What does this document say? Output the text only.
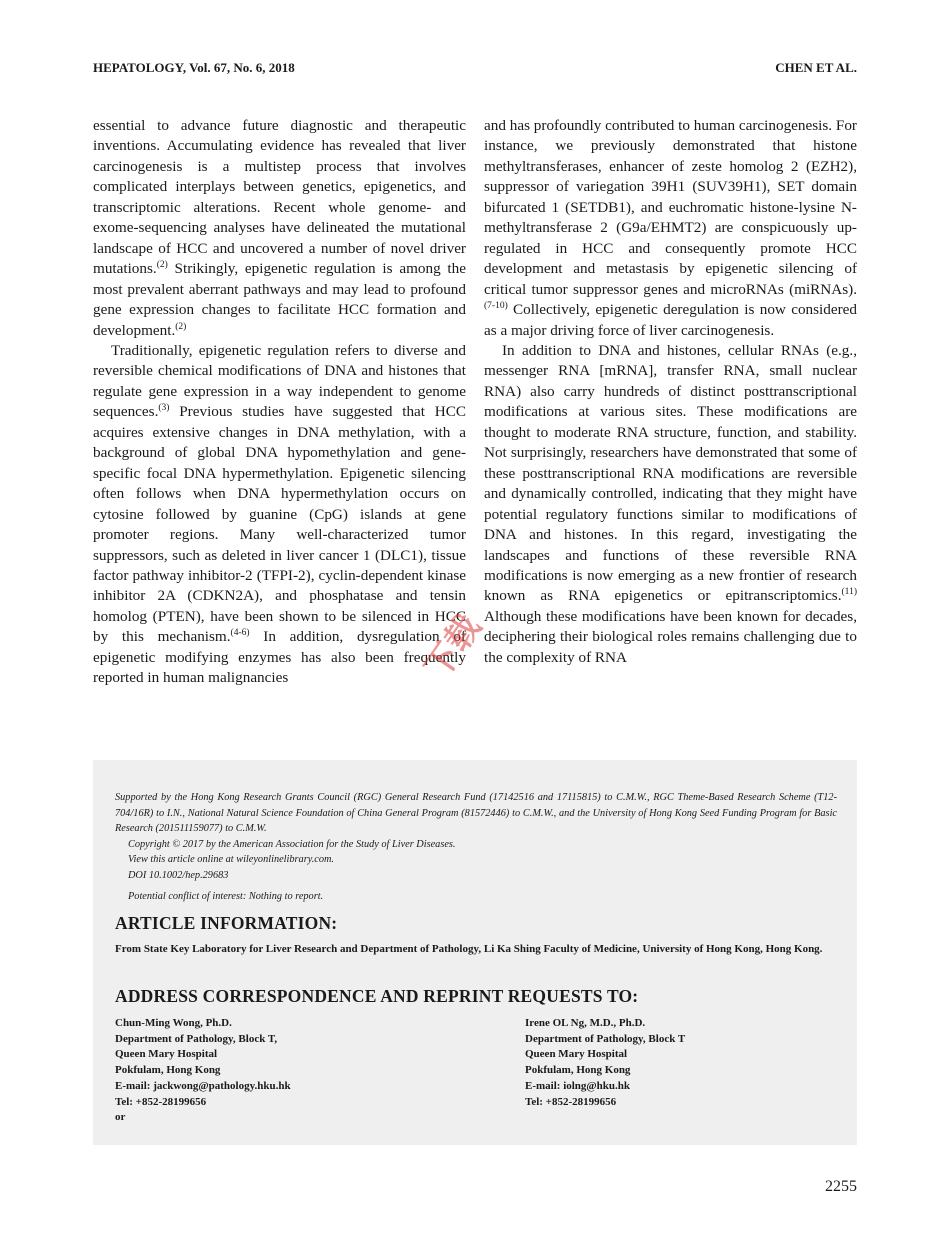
HEPATOLOGY, Vol. 67, No. 6, 2018	CHEN ET AL.

essential to advance future diagnostic and therapeutic inventions. Accumulating evidence has revealed that liver carcinogenesis is a multistep process that involves complicated interplays between genetics, epigenetics, and transcriptomic alterations. Recent whole genome- and exome-sequencing analyses have delineated the mutational landscape of HCC and uncovered a number of novel driver mutations.$^{(2)}$ Strikingly, epigenetic regulation is among the most prevalent aberrant pathways and may lead to profound gene expression changes to facilitate HCC formation and development.$^{(2)}$

Traditionally, epigenetic regulation refers to diverse and reversible chemical modifications of DNA and histones that regulate gene expression in a way independent to genome sequences.$^{(3)}$ Previous studies have suggested that HCC acquires extensive changes in DNA methylation, with a background of global DNA hypomethylation and gene-specific focal DNA hypermethylation. Epigenetic silencing often follows when DNA hypermethylation occurs on cytosine followed by guanine (CpG) islands at gene promoter regions. Many well-characterized tumor suppressors, such as deleted in liver cancer 1 (DLC1), tissue factor pathway inhibitor-2 (TFPI-2), cyclin-dependent kinase inhibitor 2A (CDKN2A), and phosphatase and tensin homolog (PTEN), have been shown to be silenced in HCC by this mechanism.$^{(4-6)}$ In addition, dysregulation of epigenetic modifying enzymes has also been frequently reported in human malignancies

and has profoundly contributed to human carcinogenesis. For instance, we previously demonstrated that histone methyltransferases, enhancer of zeste homolog 2 (EZH2), suppressor of variegation 39H1 (SUV39H1), SET domain bifurcated 1 (SETDB1), and euchromatic histone-lysine N-methyltransferase 2 (G9a/EHMT2) are conspicuously up-regulated in HCC and consequently promote HCC development and metastasis by epigenetic silencing of critical tumor suppressor genes and microRNAs (miRNAs).$^{(7-10)}$ Collectively, epigenetic deregulation is now considered as a major driving force of liver carcinogenesis.

In addition to DNA and histones, cellular RNAs (e.g., messenger RNA [mRNA], transfer RNA, small nuclear RNA) also carry hundreds of distinct posttranscriptional modifications at various sites. These modifications are thought to moderate RNA structure, function, and stability. Not surprisingly, researchers have demonstrated that some of these posttranscriptional RNA modifications are reversible and dynamically controlled, indicating that they might have potential regulatory functions similar to modifications of DNA and histones. In this regard, investigating the landscapes and functions of these reversible RNA modifications is now emerging as a new frontier of research known as RNA epigenetics or epitranscriptomics.$^{(11)}$ Although these modifications have been known for decades, deciphering their biological roles remains challenging due to the complexity of RNA

下载

Supported by the Hong Kong Research Grants Council (RGC) General Research Fund (17142516 and 17115815) to C.M.W., RGC Theme-Based Research Scheme (T12-704/16R) to I.N., National Natural Science Foundation of China General Program (81572446) to C.M.W., and the University of Hong Kong Seed Funding Program for Basic Research (201511159077) to C.M.W.

Copyright © 2017 by the American Association for the Study of Liver Diseases.

View this article online at wileyonlinelibrary.com.

DOI 10.1002/hep.29683

Potential conflict of interest: Nothing to report.

ARTICLE INFORMATION:
From State Key Laboratory for Liver Research and Department of Pathology, Li Ka Shing Faculty of Medicine, University of Hong Kong, Hong Kong.
ADDRESS CORRESPONDENCE AND REPRINT REQUESTS TO:
Chun-Ming Wong, Ph.D.
Department of Pathology, Block T,
Queen Mary Hospital
Pokfulam, Hong Kong
E-mail: jackwong@pathology.hku.hk
Tel: +852-28199656
or
Irene OL Ng, M.D., Ph.D.
Department of Pathology, Block T
Queen Mary Hospital
Pokfulam, Hong Kong
E-mail: iolng@hku.hk
Tel: +852-28199656
2255
